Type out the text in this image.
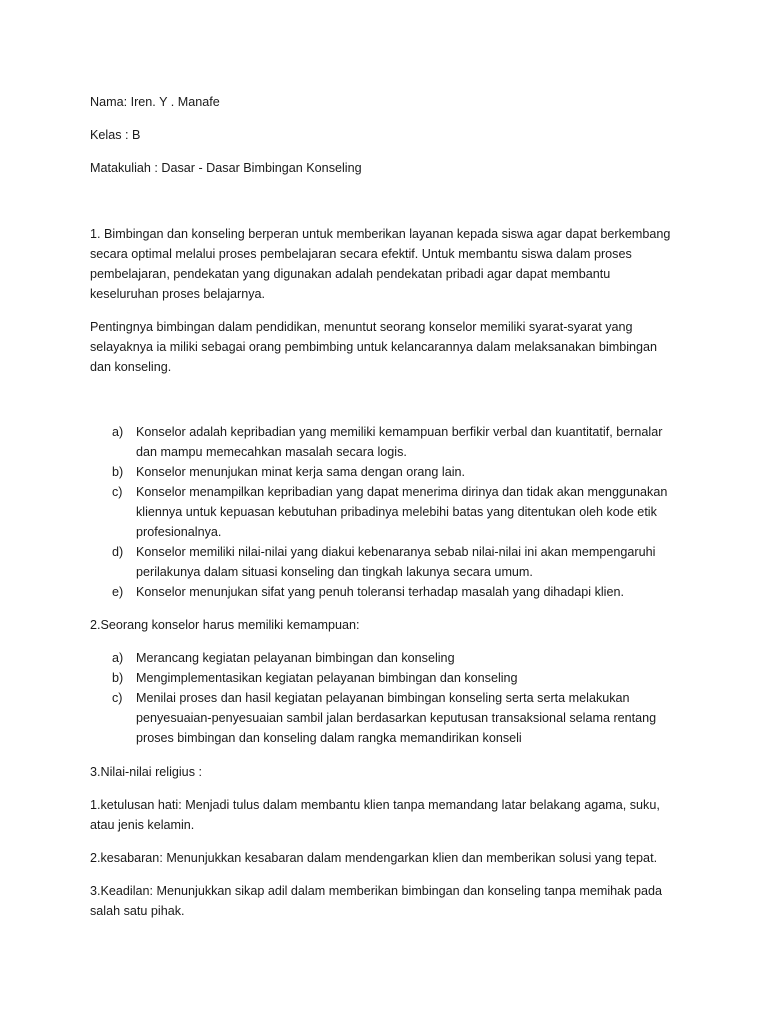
Nama: Iren. Y . Manafe

Kelas : B

Matakuliah : Dasar - Dasar Bimbingan Konseling

1. Bimbingan dan konseling berperan untuk memberikan layanan kepada siswa agar dapat berkembang secara optimal melalui proses pembelajaran secara efektif. Untuk membantu siswa dalam proses pembelajaran, pendekatan yang digunakan adalah pendekatan pribadi agar dapat membantu keseluruhan proses belajarnya.

Pentingnya bimbingan dalam pendidikan, menuntut seorang konselor memiliki syarat-syarat yang selayaknya ia miliki sebagai orang pembimbing untuk kelancarannya dalam melaksanakan bimbingan dan konseling.

a) Konselor adalah kepribadian yang memiliki kemampuan berfikir verbal dan kuantitatif, bernalar dan mampu memecahkan masalah secara logis.
b) Konselor menunjukan minat kerja sama dengan orang lain.
c) Konselor menampilkan kepribadian yang dapat menerima dirinya dan tidak akan menggunakan kliennya untuk kepuasan kebutuhan pribadinya melebihi batas yang ditentukan oleh kode etik profesionalnya.
d) Konselor memiliki nilai-nilai yang diakui kebenaranya sebab nilai-nilai ini akan mempengaruhi perilakunya dalam situasi konseling dan tingkah lakunya secara umum.
e) Konselor menunjukan sifat yang penuh toleransi terhadap masalah yang dihadapi klien.

2.Seorang konselor harus memiliki kemampuan:

a) Merancang kegiatan pelayanan bimbingan dan konseling
b) Mengimplementasikan kegiatan pelayanan bimbingan dan konseling
c) Menilai proses dan hasil kegiatan pelayanan bimbingan konseling serta serta melakukan penyesuaian-penyesuaian sambil jalan berdasarkan keputusan transaksional selama rentang proses bimbingan dan konseling dalam rangka memandirikan konseli

3.Nilai-nilai religius :

1.ketulusan hati: Menjadi tulus dalam membantu klien tanpa memandang latar belakang agama, suku, atau jenis kelamin.

2.kesabaran: Menunjukkan kesabaran dalam mendengarkan klien dan memberikan solusi yang tepat.

3.Keadilan: Menunjukkan sikap adil dalam memberikan bimbingan dan konseling tanpa memihak pada salah satu pihak.
